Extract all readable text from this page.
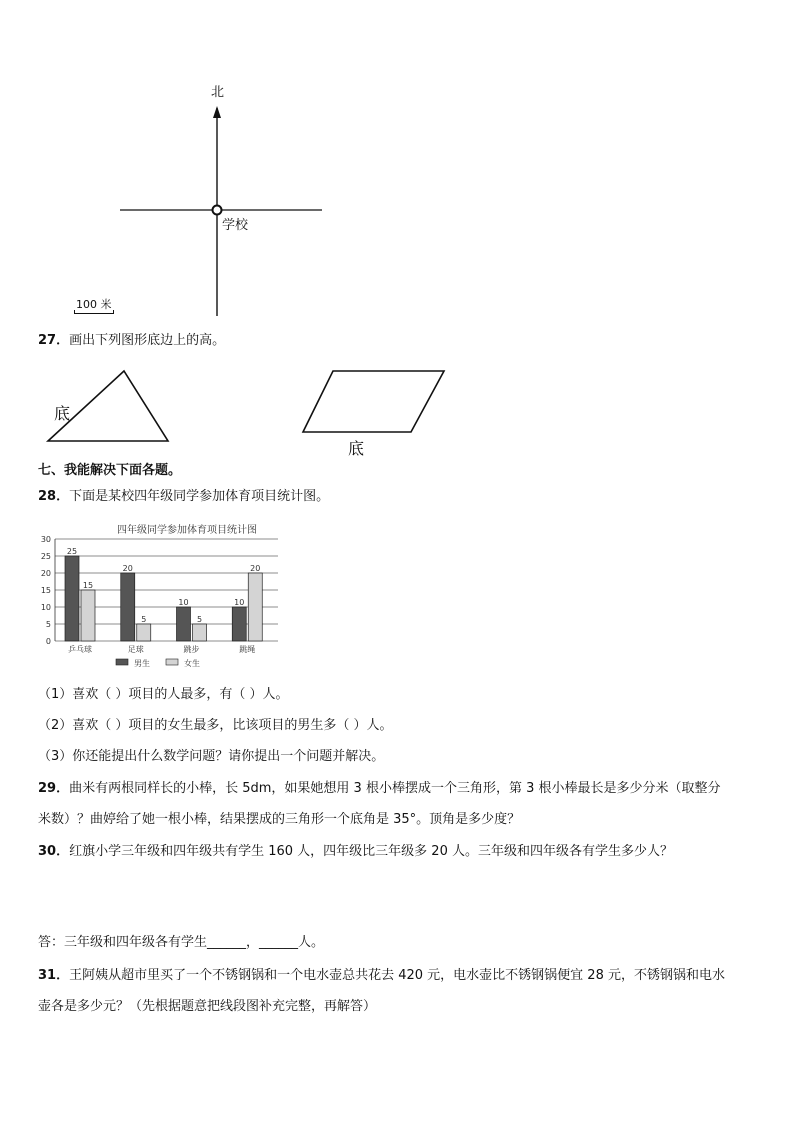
北
学校
100 米
27．画出下列图形底边上的高。
底
底
七、我能解决下面各题。
28．下面是某校四年级同学参加体育项目统计图。
四年级同学参加体育项目统计图
0
5
10
15
20
25
30
25
15
乒乓球
20
5
足球
10
5
跳步
10
20
跳绳
男生	女生
（1）喜欢（ ）项目的人最多，有（ ）人。
（2）喜欢（ ）项目的女生最多，比该项目的男生多（ ）人。
（3）你还能提出什么数学问题？请你提出一个问题并解决。
29．曲米有两根同样长的小棒，长 5dm，如果她想用 3 根小棒摆成一个三角形，第 3 根小棒最长是多少分米（取整分
米数）？曲婷给了她一根小棒，结果摆成的三角形一个底角是 35°。顶角是多少度？
30．红旗小学三年级和四年级共有学生 160 人，四年级比三年级多 20 人。三年级和四年级各有学生多少人？
答：三年级和四年级各有学生______，______人。
31．王阿姨从超市里买了一个不锈钢锅和一个电水壶总共花去 420 元，电水壶比不锈钢锅便宜 28 元，不锈钢锅和电水
壶各是多少元？（先根据题意把线段图补充完整，再解答）
